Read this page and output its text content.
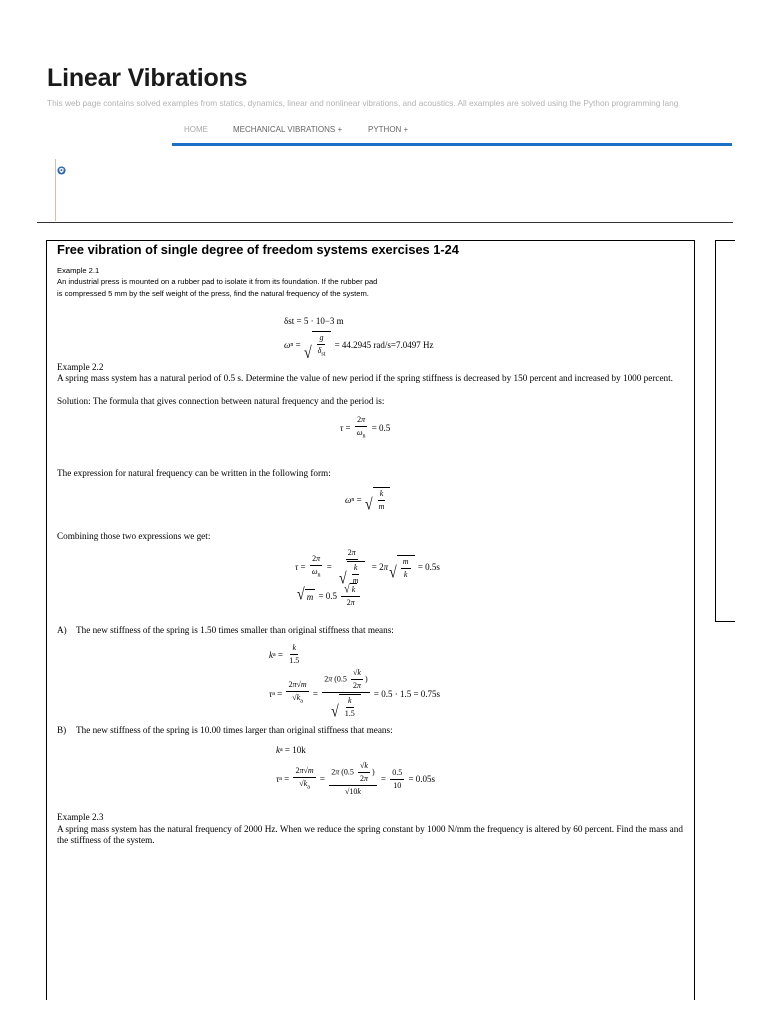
Linear Vibrations
This web page contains solved examples from statics, dynamics, linear and nonlinear vibrations, and acoustics. All examples are solved using the Python programming lang
HOME	MECHANICAL VIBRATIONS +	PYTHON +
Free vibration of single degree of freedom systems exercises 1-24
Example 2.1
An industrial press is mounted on a rubber pad to isolate it from its foundation. If the rubber pad
is compressed 5 mm by the self weight of the press, find the natural frequency of the system.
δst = 5 · 10−3 m
ω n = √ $\frac{g}{\delta_{st}}$
= 44.2945 rad/s=7.0497 Hz
Example 2.2
A spring mass system has a natural period of 0.5 s. Determine the value of new period if the spring stiffness is decreased by 150 percent and increased by 1000 percent.
Solution: The formula that gives connection between natural frequency and the period is:
$\tau = \frac{2\pi}{\omega_n}$
= 0.5
The expression for natural frequency can be written in the following form:
ω n = √ $\frac{k}{m}$
Combining those two expressions we get:
$\tau = \frac{2\pi}{\omega_n} = \frac{2\pi}{√ \frac{k}{m}} = 2$ π √ $\frac{m}{k}$
= 0.5s
√ $m = 0.5 \frac{√ k}{2\pi}$
A) The new stiffness of the spring is 1.50 times smaller than original stiffness that means:
k $a = \frac{k}{1.5}$
τ $a = \frac{2\pi√m}{√k_a} = \frac{2\pi (0.5 \frac{√k}{2\pi} )}{√ \frac{k}{1.5}}$
= 0.5 · 1.5 = 0.75s
B) The new stiffness of the spring is 10.00 times larger than original stiffness that means:
k a
= 10k
τ $a = \frac{2\pi√m}{√k_a} = \frac{2\pi (0.5 \frac{√k}{2\pi} )}{√10k} = \frac{0.5}{10}$
= 0.05s
Example 2.3
A spring mass system has the natural frequency of 2000 Hz. When we reduce the spring constant by 1000 N/mm the frequency is altered by 60 percent. Find the mass and the stiffness of the system.
